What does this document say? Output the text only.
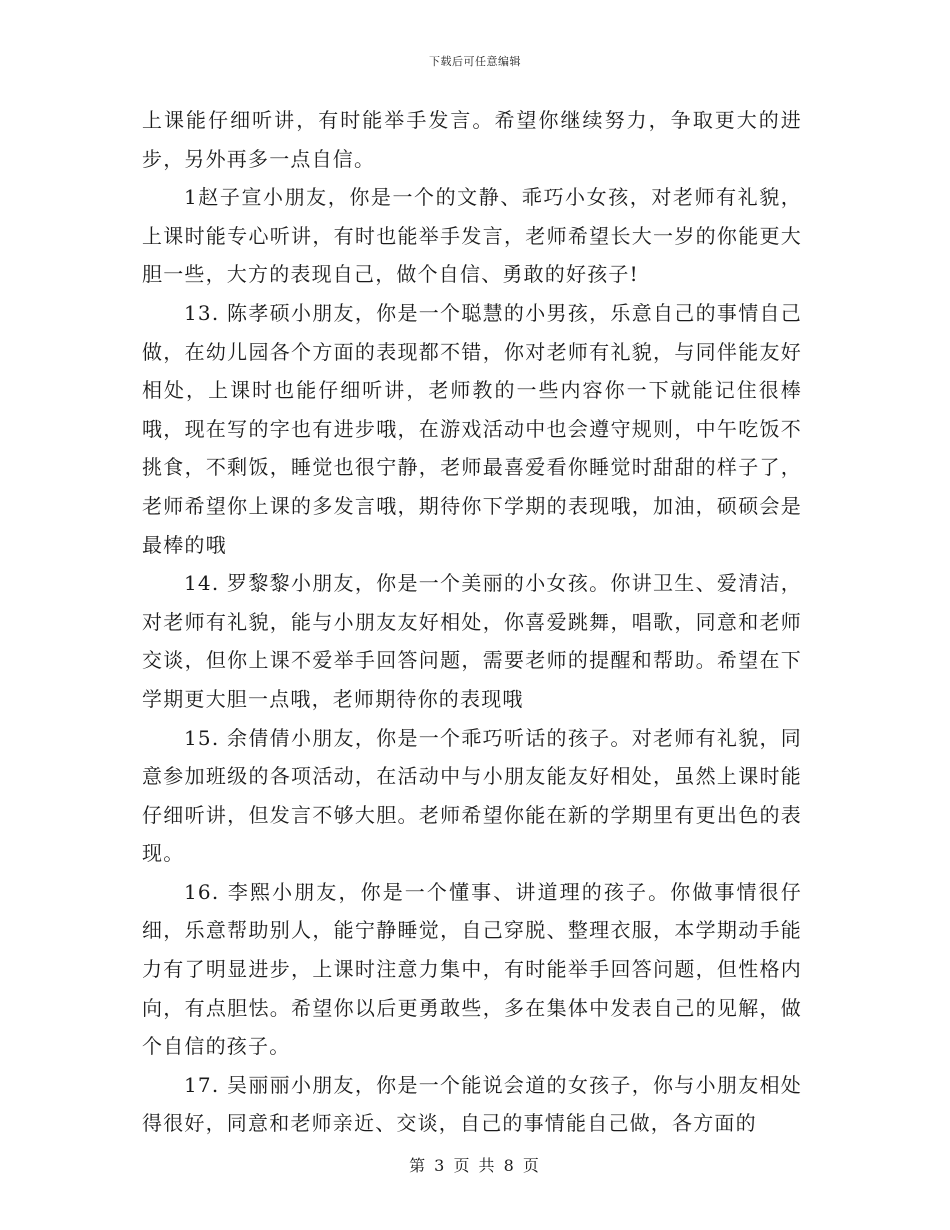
下载后可任意编辑

上课能仔细听讲，有时能举手发言。希望你继续努力，争取更大的进步，另外再多一点自信。

1赵子宣小朋友，你是一个的文静、乖巧小女孩，对老师有礼貌，上课时能专心听讲，有时也能举手发言，老师希望长大一岁的你能更大胆一些，大方的表现自己，做个自信、勇敢的好孩子!

13. 陈孝硕小朋友，你是一个聪慧的小男孩，乐意自己的事情自己做，在幼儿园各个方面的表现都不错，你对老师有礼貌，与同伴能友好相处，上课时也能仔细听讲，老师教的一些内容你一下就能记住很棒哦，现在写的字也有进步哦，在游戏活动中也会遵守规则，中午吃饭不挑食，不剩饭，睡觉也很宁静，老师最喜爱看你睡觉时甜甜的样子了，老师希望你上课的多发言哦，期待你下学期的表现哦，加油，硕硕会是最棒的哦

14. 罗黎黎小朋友，你是一个美丽的小女孩。你讲卫生、爱清洁，对老师有礼貌，能与小朋友友好相处，你喜爱跳舞，唱歌，同意和老师交谈，但你上课不爱举手回答问题，需要老师的提醒和帮助。希望在下学期更大胆一点哦，老师期待你的表现哦

15. 余倩倩小朋友，你是一个乖巧听话的孩子。对老师有礼貌，同意参加班级的各项活动，在活动中与小朋友能友好相处，虽然上课时能仔细听讲，但发言不够大胆。老师希望你能在新的学期里有更出色的表现。

16. 李熙小朋友，你是一个懂事、讲道理的孩子。你做事情很仔细，乐意帮助别人，能宁静睡觉，自己穿脱、整理衣服，本学期动手能力有了明显进步，上课时注意力集中，有时能举手回答问题，但性格内向，有点胆怯。希望你以后更勇敢些，多在集体中发表自己的见解，做个自信的孩子。

17. 吴丽丽小朋友，你是一个能说会道的女孩子，你与小朋友相处得很好，同意和老师亲近、交谈，自己的事情能自己做，各方面的

第 3 页 共 8 页
